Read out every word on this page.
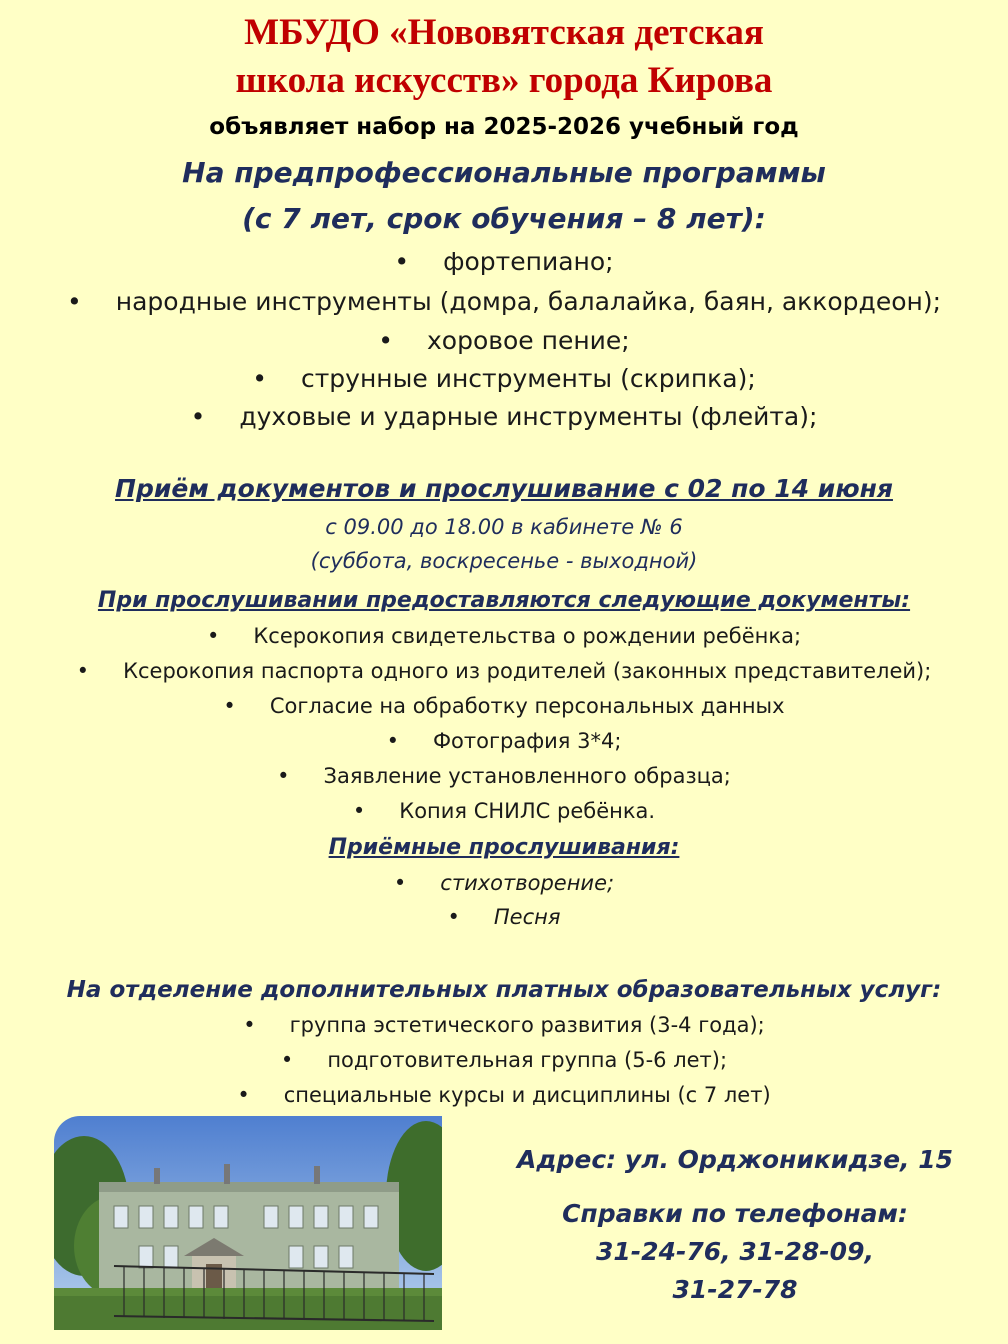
МБУДО «Нововятская детская
школа искусств» города Кирова
объявляет набор на 2025-2026 учебный год
На предпрофессиональные программы
(с 7 лет, срок обучения – 8 лет):
• фортепиано;
• народные инструменты (домра, балалайка, баян, аккордеон);
• хоровое пение;
• струнные инструменты (скрипка);
• духовые и ударные инструменты (флейта);
Приём документов и прослушивание с 02 по 14 июня
с 09.00 до 18.00 в кабинете № 6
(суббота, воскресенье - выходной)
При прослушивании предоставляются следующие документы:
• Ксерокопия свидетельства о рождении ребёнка;
• Ксерокопия паспорта одного из родителей (законных представителей);
• Согласие на обработку персональных данных
• Фотография 3*4;
• Заявление установленного образца;
• Копия СНИЛС ребёнка.
Приёмные прослушивания:
• стихотворение;
• Песня
На отделение дополнительных платных образовательных услуг:
• группа эстетического развития (3-4 года);
• подготовительная группа (5-6 лет);
• специальные курсы и дисциплины (с 7 лет)
Адрес: ул. Орджоникидзе, 15
Справки по телефонам:
31-24-76, 31-28-09,
31-27-78
